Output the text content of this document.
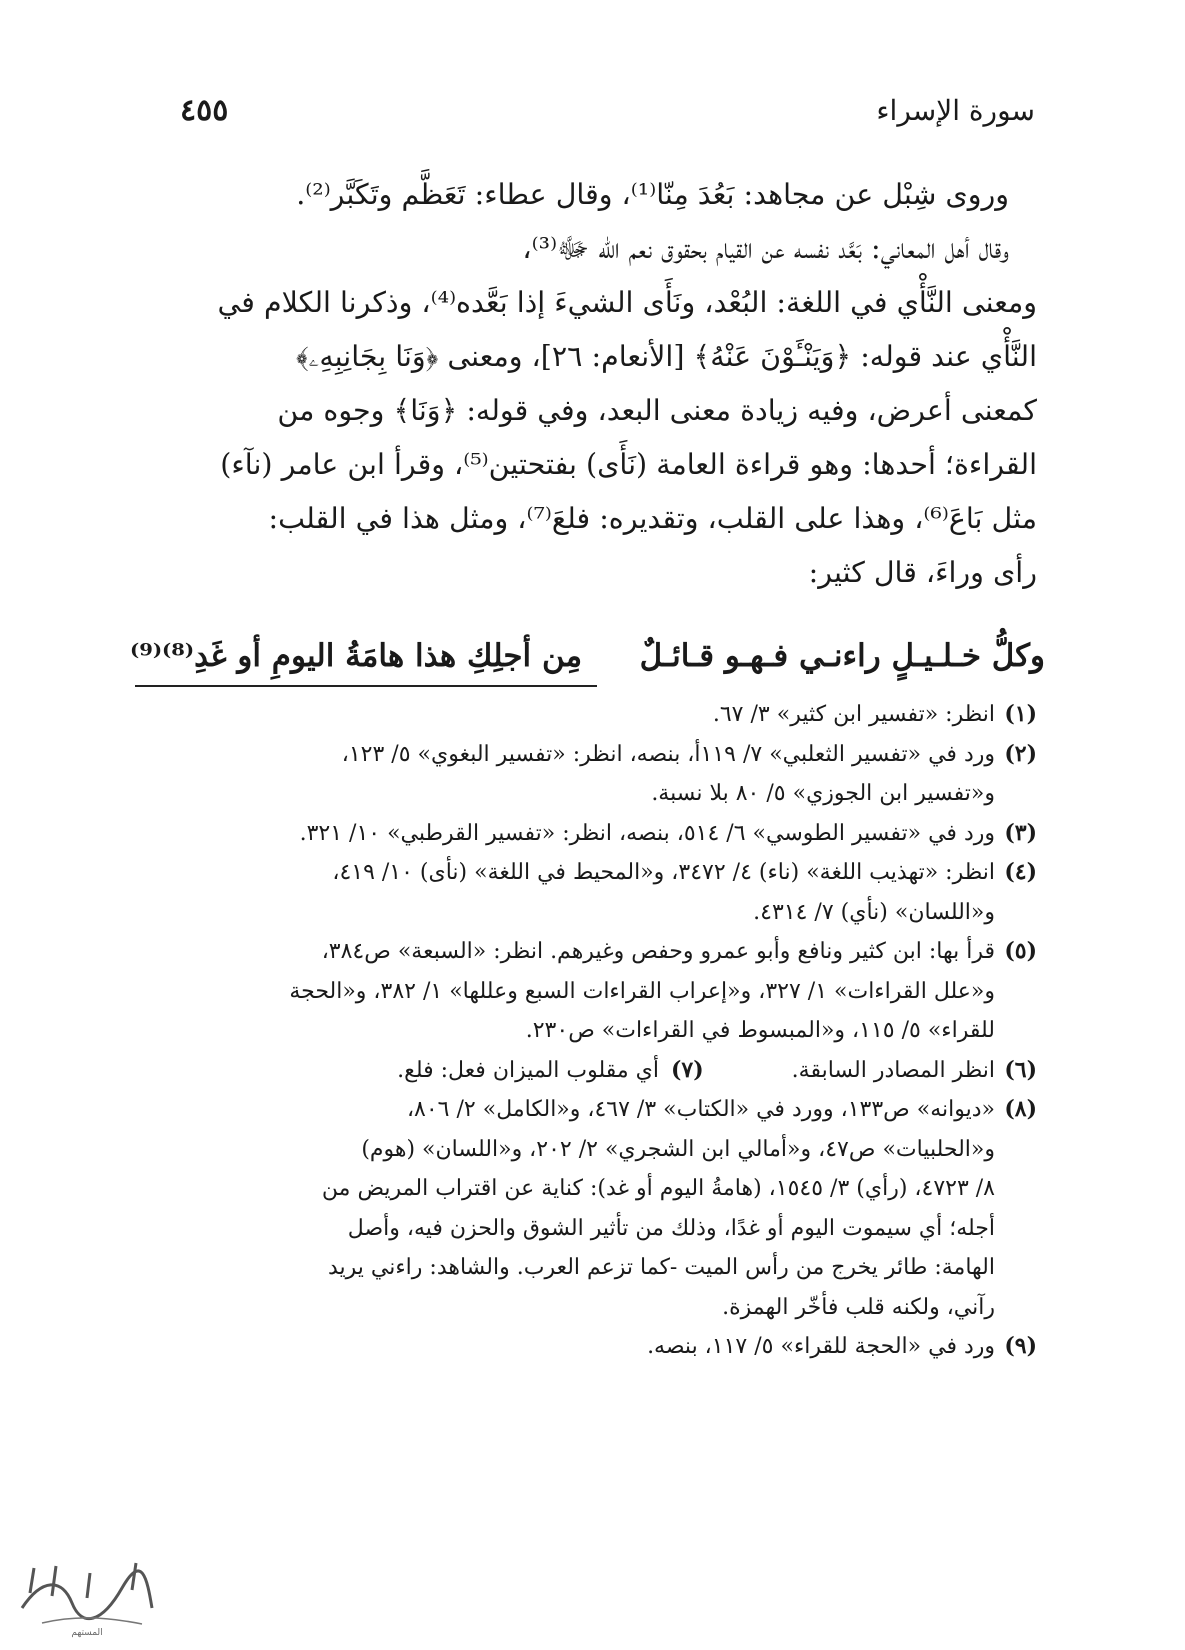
سورة الإسراء
٤٥٥
وروى شِبْل عن مجاهد: بَعُدَ مِنّا⁽¹⁾، وقال عطاء: تَعَظَّم وتَكَبَّر⁽²⁾.
وقال أهل المعاني: بَعَّد نفسه عن القيام بحقوق نعم الله ﷻ⁽³⁾،
ومعنى النَّأْي في اللغة: البُعْد، ونَأَى الشيءَ إذا بَعَّده⁽⁴⁾، وذكرنا الكلام في
النَّأْي عند قوله: ﴿وَيَنْـَٔوْنَ عَنْهُ﴾ [الأنعام: ٢٦]، ومعنى ﴿وَنَا بِجَانِبِهِۦ﴾
كمعنى أعرض، وفيه زيادة معنى البعد، وفي قوله: ﴿وَنَا﴾ وجوه من
القراءة؛ أحدها: وهو قراءة العامة (نَأَى) بفتحتين⁽⁵⁾، وقرأ ابن عامر (نآء)
مثل بَاعَ⁽⁶⁾، وهذا على القلب، وتقديره: فلعَ⁽⁷⁾، ومثل هذا في القلب:
رأى وراءَ، قال كثير:
وكلُّ خـلـيـلٍ راءنـي فـهـو قـائـلٌ
مِن أجلِكِ هذا هامَةُ اليومِ أو غَدِ⁽⁸⁾⁽⁹⁾
(١)
انظر: «تفسير ابن كثير» ٣/ ٦٧.
(٢)
ورد في «تفسير الثعلبي» ٧/ ١١٩أ، بنصه، انظر: «تفسير البغوي» ٥/ ١٢٣،
و«تفسير ابن الجوزي» ٥/ ٨٠ بلا نسبة.
(٣)
ورد في «تفسير الطوسي» ٦/ ٥١٤، بنصه، انظر: «تفسير القرطبي» ١٠/ ٣٢١.
(٤)
انظر: «تهذيب اللغة» (ناء) ٤/ ٣٤٧٢، و«المحيط في اللغة» (نأى) ١٠/ ٤١٩،
و«اللسان» (نأي) ٧/ ٤٣١٤.
(٥)
قرأ بها: ابن كثير ونافع وأبو عمرو وحفص وغيرهم. انظر: «السبعة» ص٣٨٤،
و«علل القراءات» ١/ ٣٢٧، و«إعراب القراءات السبع وعللها» ١/ ٣٨٢، و«الحجة
للقراء» ٥/ ١١٥، و«المبسوط في القراءات» ص٢٣٠.
(٦)
انظر المصادر السابقة.
(٧)
أي مقلوب الميزان فعل: فلع.
(٨)
«ديوانه» ص١٣٣، وورد في «الكتاب» ٣/ ٤٦٧، و«الكامل» ٢/ ٨٠٦،
و«الحلبيات» ص٤٧، و«أمالي ابن الشجري» ٢/ ٢٠٢، و«اللسان» (هوم)
٨/ ٤٧٢٣، (رأي) ٣/ ١٥٤٥، (هامةُ اليوم أو غد): كناية عن اقتراب المريض من
أجله؛ أي سيموت اليوم أو غدًا، وذلك من تأثير الشوق والحزن فيه، وأصل
الهامة: طائر يخرج من رأس الميت -كما تزعم العرب. والشاهد: راءني يريد
رآني، ولكنه قلب فأخّر الهمزة.
(٩)
ورد في «الحجة للقراء» ٥/ ١١٧، بنصه.
المستهم
